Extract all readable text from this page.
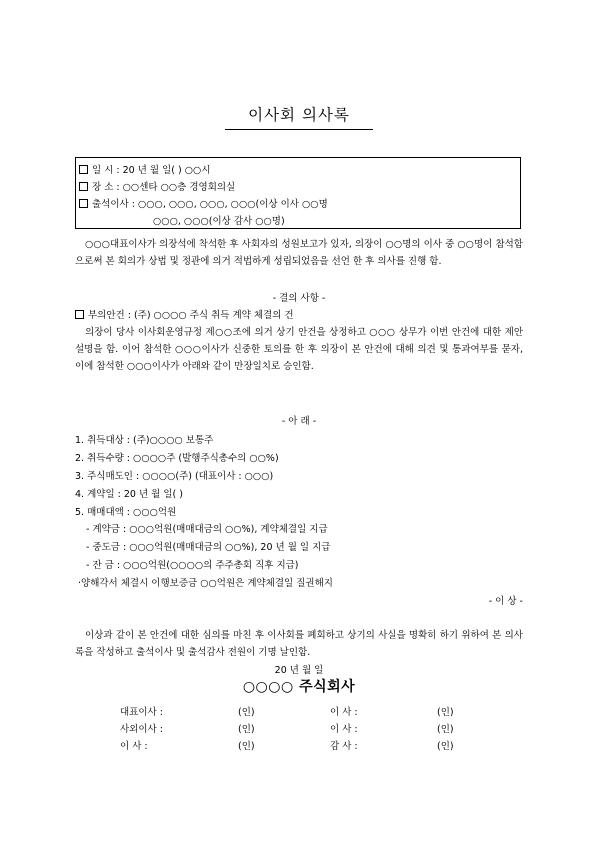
이사회 의사록
일 시 : 20 년 월 일( ) ○○시
장 소 : ○○센타 ○○층 경영회의실
출석이사 : ○○○, ○○○, ○○○, ○○○(이상 이사 ○○명
○○○, ○○○(이상 감사 ○○명)
○○○대표이사가 의장석에 착석한 후 사회자의 성원보고가 있자, 의장이 ○○명의 이사 중 ○○명이 참석함으로써 본 회의가 상법 및 정관에 의거 적법하게 성립되었음을 선언 한 후 의사를 진행 함.
- 결의 사항 -
부의안건 : (주) ○○○○ 주식 취득 계약 체결의 건
의장이 당사 이사회운영규정 제○○조에 의거 상기 안건을 상정하고 ○○○ 상무가 이번 안건에 대한 제안설명을 함. 이어 참석한 ○○○이사가 신중한 토의를 한 후 의장이 본 안건에 대해 의견 및 통과여부를 묻자, 이에 참석한 ○○○이사가 아래와 같이 만장일치로 승인함.
- 아 래 -
1. 취득대상 : (주)○○○○ 보통주
2. 취득수량 : ○○○○주 (발행주식총수의 ○○%)
3. 주식매도인 : ○○○○(주) (대표이사 : ○○○)
4. 계약일 : 20 년 월 일( )
5. 매매대액 : ○○○억원
- 계약금 : ○○○억원(매매대금의 ○○%), 계약체결일 지급
- 중도금 : ○○○억원(매매대금의 ○○%), 20 년 월 일 지급
- 잔 금 : ○○○억원(○○○○의 주주총회 직후 지급)
·양해각서 체결시 이행보증금 ○○억원은 계약체결일 질권해지
- 이 상 -
이상과 같이 본 안건에 대한 심의를 마친 후 이사회를 폐회하고 상기의 사실을 명확히 하기 위하여 본 의사록을 작성하고 출석이사 및 출석감사 전원이 기명 날인함.
20 년 월 일
○○○○ 주식회사
대표이사 :	(인)	이 사 :	(인)
사외이사 :	(인)	이 사 :	(인)
이 사 :	(인)	감 사 :	(인)
